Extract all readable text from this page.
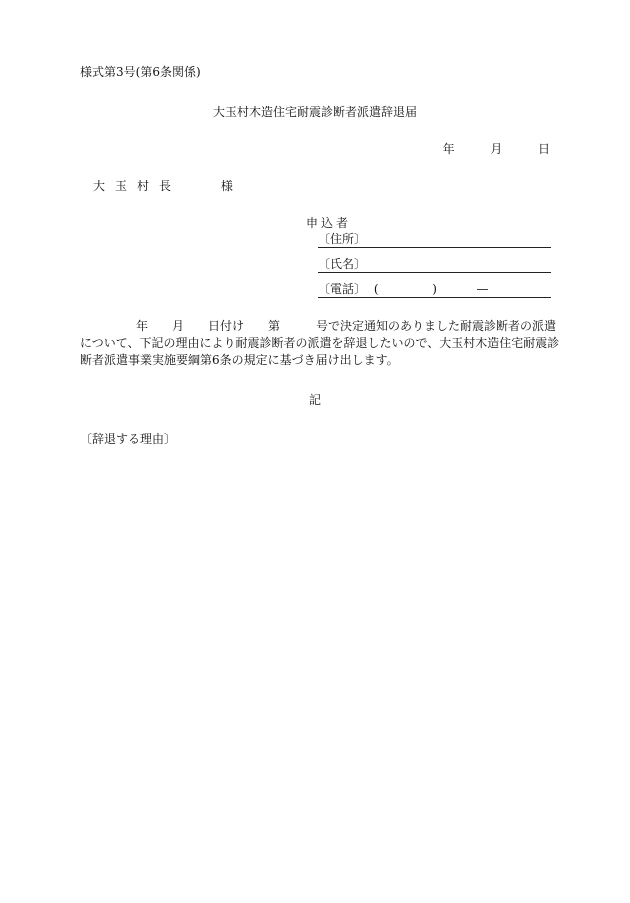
様式第3号(第6条関係)
大玉村木造住宅耐震診断者派遣辞退届
年	月	日
大玉村長	様
申込者
〔住所〕
〔氏名〕
〔電話〕 (	)	—
年　　月　　日付け　　第　　　号で決定通知のありました耐震診断者の派遣
について、下記の理由により耐震診断者の派遣を辞退したいので、大玉村木造住宅耐震診
断者派遣事業実施要綱第6条の規定に基づき届け出します。
記
〔辞退する理由〕
